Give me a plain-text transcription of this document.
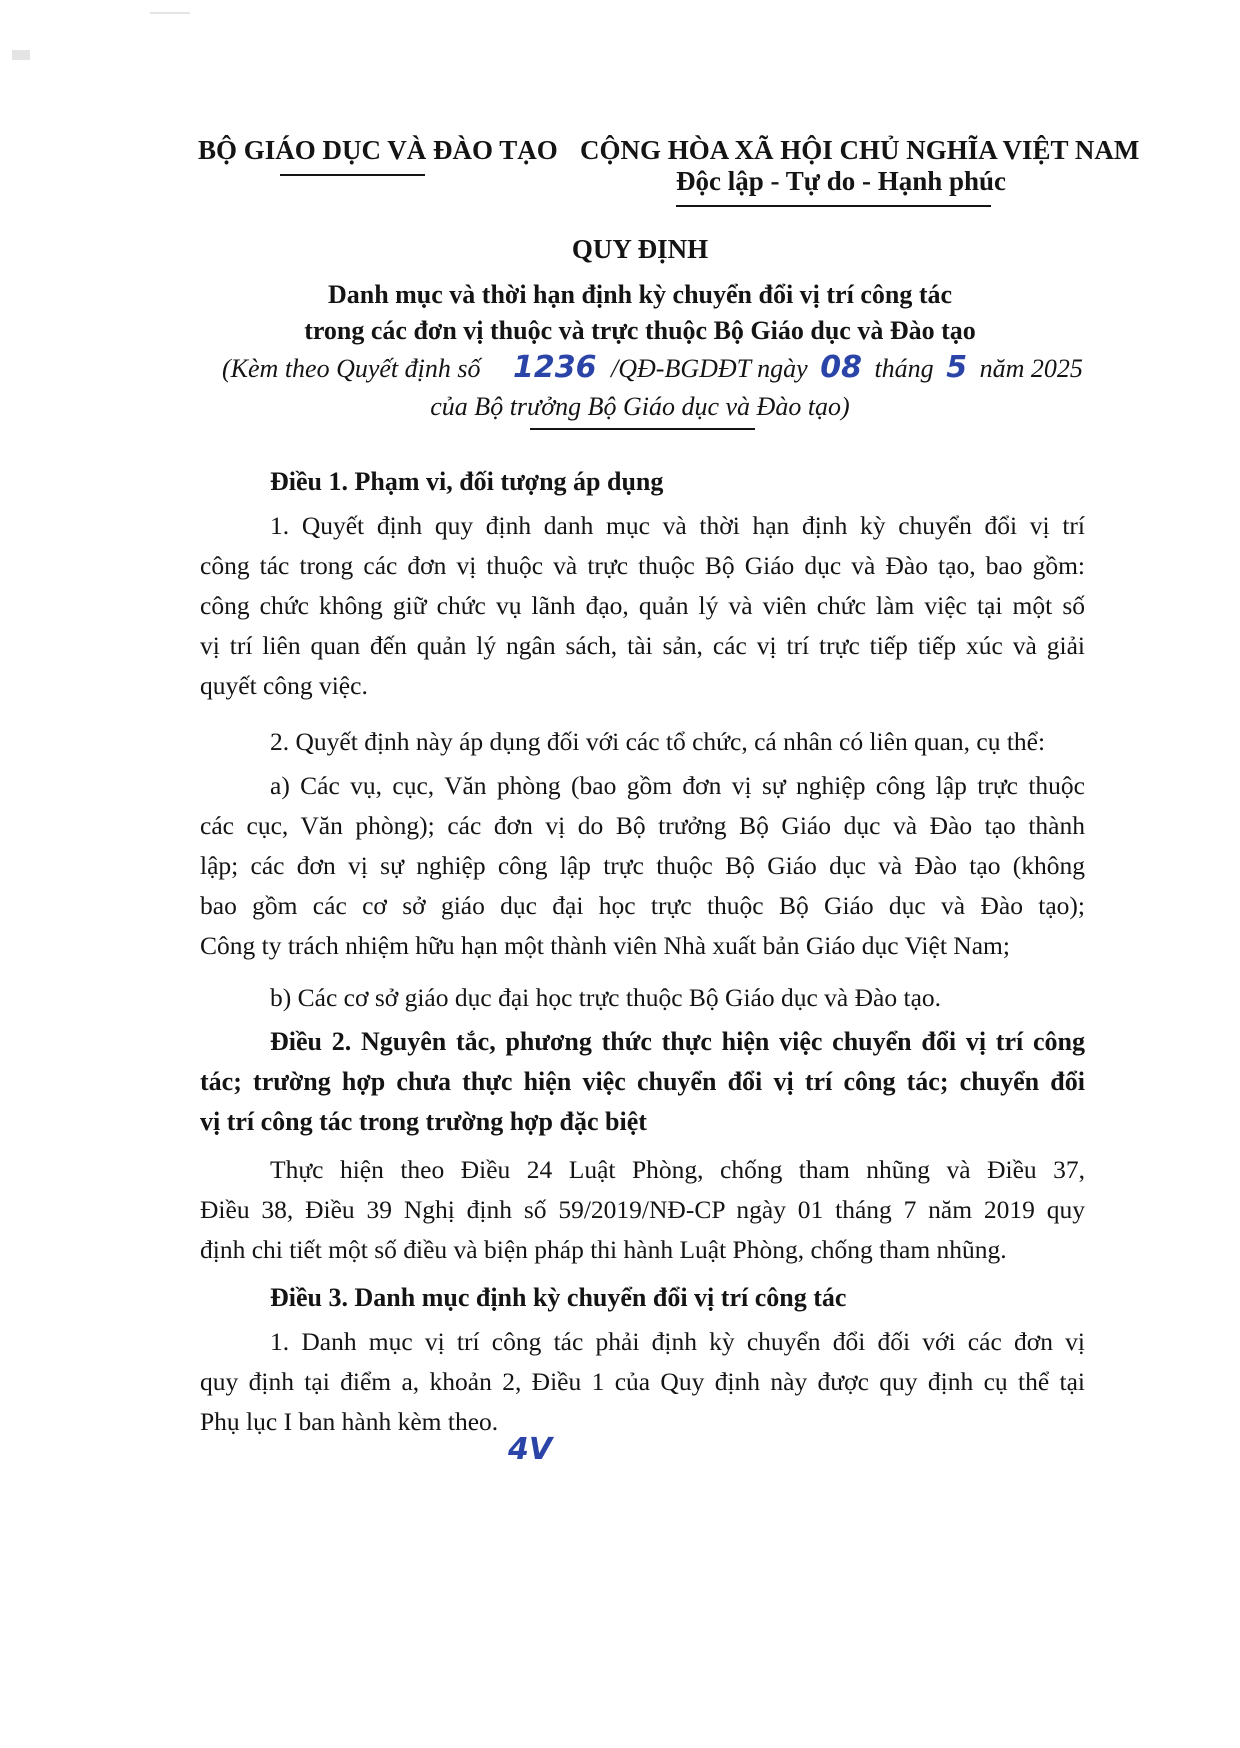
BỘ GIÁO DỤC VÀ ĐÀO TẠO CỘNG HÒA XÃ HỘI CHỦ NGHĨA VIỆT NAM
Độc lập - Tự do - Hạnh phúc
QUY ĐỊNH
Danh mục và thời hạn định kỳ chuyển đổi vị trí công tác
trong các đơn vị thuộc và trực thuộc Bộ Giáo dục và Đào tạo
(Kèm theo Quyết định số 1236 /QĐ-BGDĐT ngày 08 tháng 5 năm 2025
của Bộ trưởng Bộ Giáo dục và Đào tạo)
Điều 1. Phạm vi, đối tượng áp dụng
1. Quyết định quy định danh mục và thời hạn định kỳ chuyển đổi vị trí
công tác trong các đơn vị thuộc và trực thuộc Bộ Giáo dục và Đào tạo, bao gồm:
công chức không giữ chức vụ lãnh đạo, quản lý và viên chức làm việc tại một số
vị trí liên quan đến quản lý ngân sách, tài sản, các vị trí trực tiếp tiếp xúc và giải
quyết công việc.
2. Quyết định này áp dụng đối với các tổ chức, cá nhân có liên quan, cụ thể:
a) Các vụ, cục, Văn phòng (bao gồm đơn vị sự nghiệp công lập trực thuộc
các cục, Văn phòng); các đơn vị do Bộ trưởng Bộ Giáo dục và Đào tạo thành
lập; các đơn vị sự nghiệp công lập trực thuộc Bộ Giáo dục và Đào tạo (không
bao gồm các cơ sở giáo dục đại học trực thuộc Bộ Giáo dục và Đào tạo);
Công ty trách nhiệm hữu hạn một thành viên Nhà xuất bản Giáo dục Việt Nam;
b) Các cơ sở giáo dục đại học trực thuộc Bộ Giáo dục và Đào tạo.
Điều 2. Nguyên tắc, phương thức thực hiện việc chuyển đổi vị trí công
tác; trường hợp chưa thực hiện việc chuyển đổi vị trí công tác; chuyển đổi
vị trí công tác trong trường hợp đặc biệt
Thực hiện theo Điều 24 Luật Phòng, chống tham nhũng và Điều 37,
Điều 38, Điều 39 Nghị định số 59/2019/NĐ-CP ngày 01 tháng 7 năm 2019 quy
định chi tiết một số điều và biện pháp thi hành Luật Phòng, chống tham nhũng.
Điều 3. Danh mục định kỳ chuyển đổi vị trí công tác
1. Danh mục vị trí công tác phải định kỳ chuyển đổi đối với các đơn vị
quy định tại điểm a, khoản 2, Điều 1 của Quy định này được quy định cụ thể tại
Phụ lục I ban hành kèm theo.
4V
